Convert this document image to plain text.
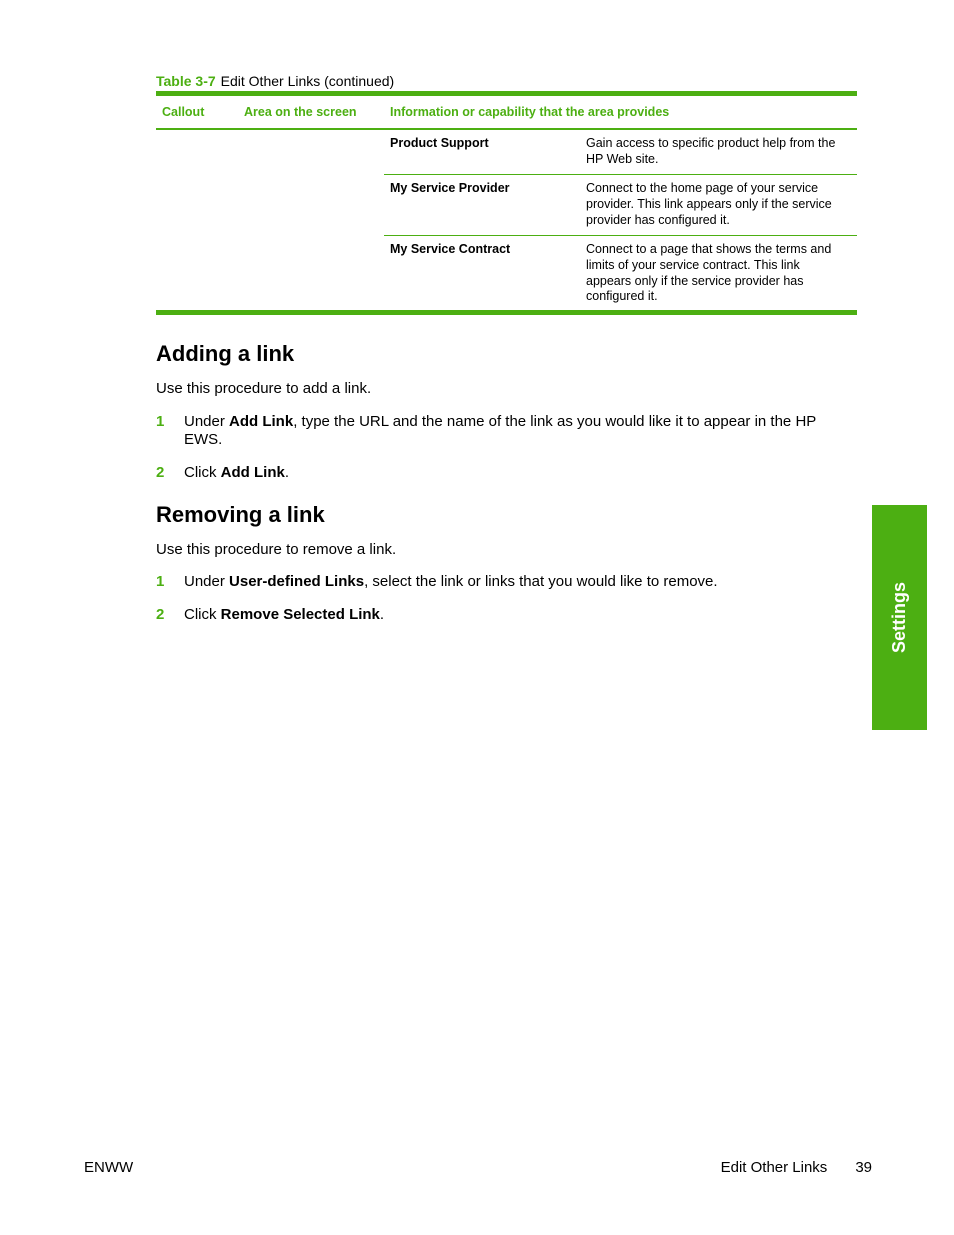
Table 3-7 Edit Other Links (continued)
Callout	Area on the screen	Information or capability that the area provides
Product Support	Gain access to specific product help from the HP Web site.
My Service Provider	Connect to the home page of your service provider. This link appears only if the service provider has configured it.
My Service Contract	Connect to a page that shows the terms and limits of your service contract. This link appears only if the service provider has configured it.
Adding a link
Use this procedure to add a link.
1	Under Add Link, type the URL and the name of the link as you would like it to appear in the HP EWS.
2	Click Add Link.
Removing a link
Use this procedure to remove a link.
1	Under User-defined Links, select the link or links that you would like to remove.
2	Click Remove Selected Link.	Settings
ENWW	Edit Other Links 39
